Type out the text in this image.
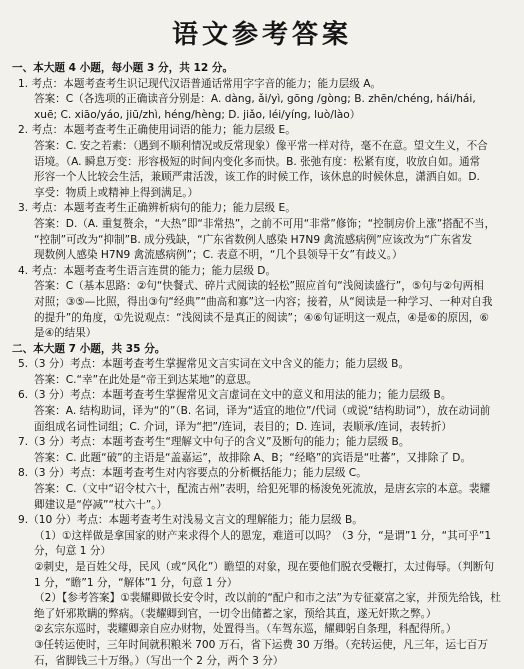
语文参考答案
一、本大题 4 小题，每小题 3 分，共 12 分。
1. 考点：本题考查考生识记现代汉语普通话常用字字音的能力；能力层级 A。
答案：C（各选项的正确读音分别是：A. dàng, ǎi/yì, gōng /gòng; B. zhēn/chéng, hái/hái,
xuē; C. xiāo/yáo, jiū/zhì, héng/hèng; D. jiǎo, léi/yíng, luò/lào）
2. 考点：本题考查考生正确使用词语的能力；能力层级 E。
答案：C. 安之若素：（遇到不顺利情况或反常现象）像平常一样对待，毫不在意。望文生义，不合
语境。（A. 瞬息万变：形容极短的时间内变化多而快。B. 张弛有度：松紧有度，收放自如。通常
形容一个人比较会生活，兼顾严肃活泼，该工作的时候工作，该休息的时候休息，潇洒自如。D.
享受：物质上或精神上得到满足。）
3. 考点：本题考查考生正确辨析病句的能力；能力层级 E。
答案：D.（A. 重复赘余，“大热”即“非常热”，之前不可用“非常”修饰；“控制房价上涨”搭配不当，
“控制”可改为“抑制”B. 成分残缺，“广东省数例人感染 H7N9 禽流感病例”应该改为“广东省发
现数例人感染 H7N9 禽流感病例”；C. 表意不明，“几个县领导干女”有歧义。）
4. 考点：本题考查考生语言连贯的能力；能力层级 D。
答案：C（基本思路：②句“快餐式、碎片式阅读的轻松”照应首句“浅阅读盛行”，⑤句与②句两相
对照；③⑤—比照，得出③句“经典”“曲高和寡”这一内容；接着，从“阅读是一种学习、一种对自我
的提升”的角度，①先说观点：“浅阅读不是真正的阅读”；④⑥句证明这一观点，④是⑥的原因，⑥
是④的结果）
二、本大题 7 小题，共 35 分。
5.（3 分）考点：本题考查考生掌握常见文言实词在文中含义的能力；能力层级 B。
答案：C.“幸”在此处是“帝王到达某地”的意思。
6.（3 分）考点：本题考查考生掌握常见文言虚词在文中的意义和用法的能力；能力层级 B。
答案：A. 结构助词，译为“的”（B. 名词，译为“适宜的地位”/代词（或说“结构助词”），放在动词前
面组成名词性词组；C. 介词，译为“把”/连词，表目的；D. 连词，表顺承/连词，表转折）
7.（3 分）考点：本题考查考生“理解文中句子的含义”及断句的能力；能力层级 B。
答案：C. 此题“破”的主语是“盖嘉运”，故排除 A、B；“经略”的宾语是“吐蕃”，又排除了 D。
8.（3 分）考点：本题考查考生对内容要点的分析概括能力；能力层级 C。
答案：C.（文中“诏令杖六十，配流古州”表明，给犯死罪的杨浚免死流放，是唐玄宗的本意。裴耀
卿建议是“停减”“杖六十”。）
9.（10 分）考点：本题考查考生对浅易文言文的理解能力；能力层级 B。
（1）①这样做是拿国家的财产来求得个人的恩宠，难道可以吗？（3 分，“是谓”1 分，“其可乎”1
分，句意 1 分）
②刺史，是百姓父母，民风（或“风化”）瞻望的对象，现在要他们脱衣受鞭打，太过侮辱。（判断句
1 分，“瞻”1 分，“解体”1 分，句意 1 分）
（2）【参考答案】①裴耀卿做长安令时，改以前的“配户和市之法”为专征豪富之家，并预先给钱，杜
绝了奸邪欺瞒的弊病。（裴耀卿到官，一切令出储蓄之家，预给其直，遂无奸欺之弊。）
②玄宗东巡时，裴耀卿亲自应办财物，处置得当。（车驾东巡，耀卿躬自条理，科配得所。）
③任转运使时，三年时间就积粮米 700 万石，省下运费 30 万缗。（充转运使，凡三年，运七百万
石，省脚钱三十万缗。）（写出一个 2 分，两个 3 分）
